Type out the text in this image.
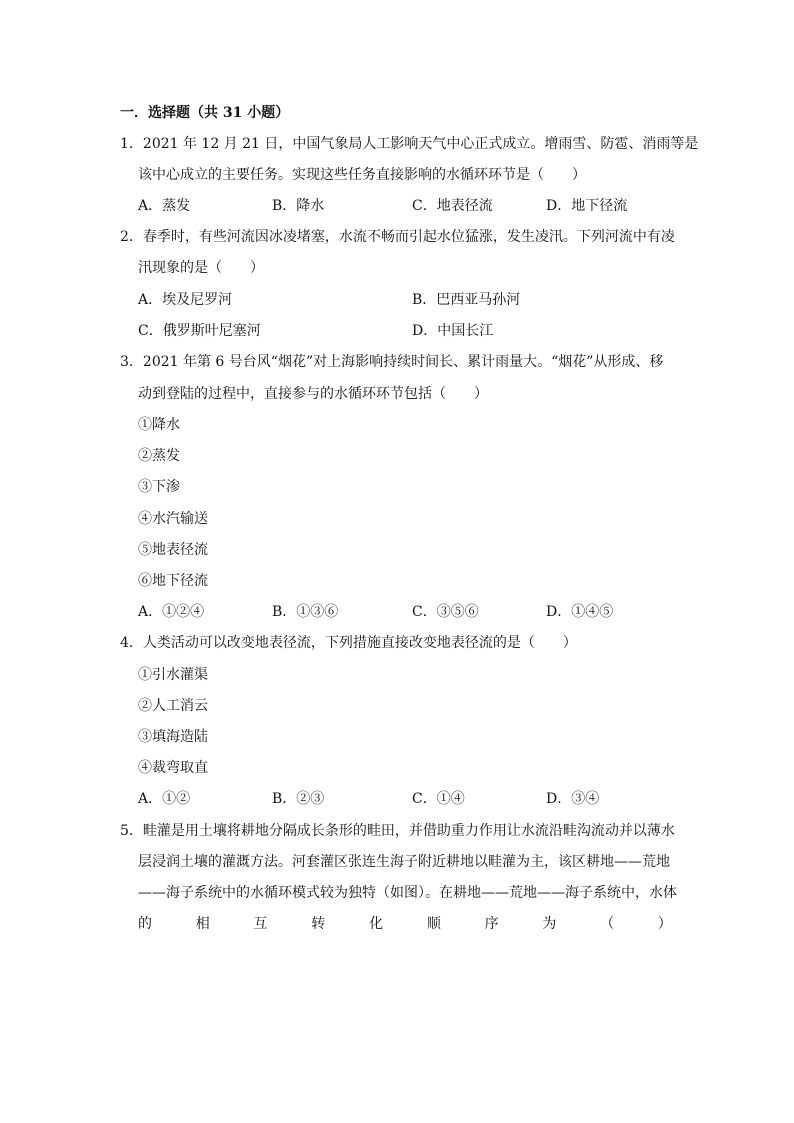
一．选择题（共 31 小题）
1．2021 年 12 月 21 日，中国气象局人工影响天气中心正式成立。增雨雪、防雹、消雨等是
该中心成立的主要任务。实现这些任务直接影响的水循环环节是（　　）
A．蒸发	B．降水	C．地表径流	D．地下径流
2．春季时，有些河流因冰凌堵塞，水流不畅而引起水位猛涨，发生凌汛。下列河流中有凌
汛现象的是（　　）
A．埃及尼罗河	B．巴西亚马孙河
C．俄罗斯叶尼塞河	D．中国长江
3．2021 年第 6 号台风“烟花”对上海影响持续时间长、累计雨量大。“烟花”从形成、移
动到登陆的过程中，直接参与的水循环环节包括（　　）
①降水
②蒸发
③下渗
④水汽输送
⑤地表径流
⑥地下径流
A．①②④	B．①③⑥	C．③⑤⑥	D．①④⑤
4．人类活动可以改变地表径流，下列措施直接改变地表径流的是（　　）
①引水灌渠
②人工消云
③填海造陆
④裁弯取直
A．①②	B．②③	C．①④	D．③④
5．畦灌是用土壤将耕地分隔成长条形的畦田，并借助重力作用让水流沿畦沟流动并以薄水
层浸润土壤的灌溉方法。河套灌区张连生海子附近耕地以畦灌为主，该区耕地——荒地
——海子系统中的水循环模式较为独特（如图）。在耕地——荒地——海子系统中，水体
的	相	互	转	化	顺	序	为	（	）
